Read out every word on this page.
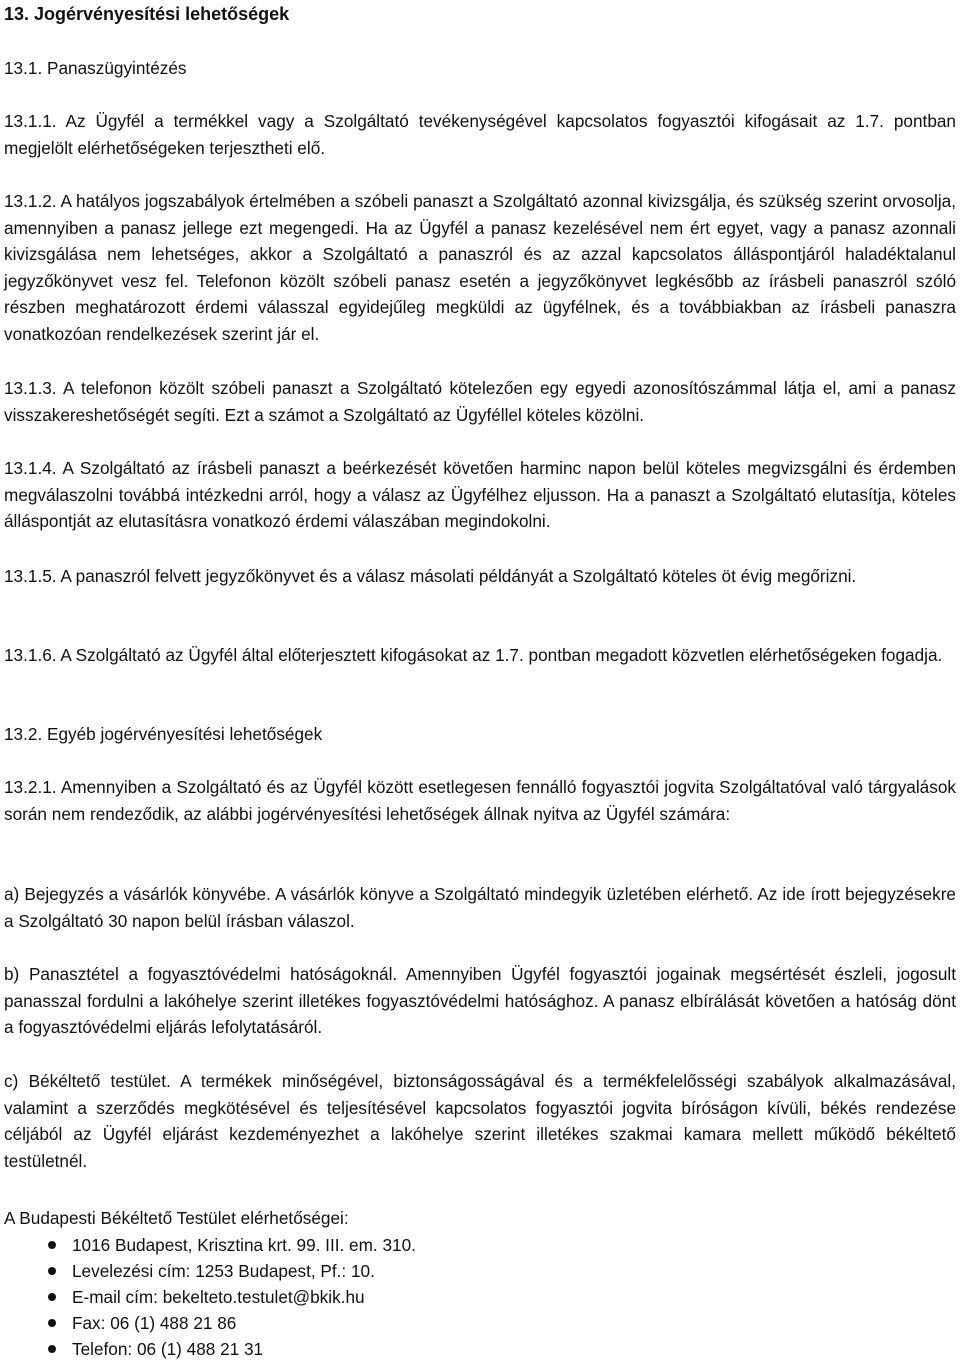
13. Jogérvényesítési lehetőségek

13.1. Panaszügyintézés

13.1.1. Az Ügyfél a termékkel vagy a Szolgáltató tevékenységével kapcsolatos fogyasztói kifogásait az 1.7. pontban megjelölt elérhetőségeken terjesztheti elő.

13.1.2. A hatályos jogszabályok értelmében a szóbeli panaszt a Szolgáltató azonnal kivizsgálja, és szükség szerint orvosolja, amennyiben a panasz jellege ezt megengedi. Ha az Ügyfél a panasz kezelésével nem ért egyet, vagy a panasz azonnali kivizsgálása nem lehetséges, akkor a Szolgáltató a panaszról és az azzal kapcsolatos álláspontjáról haladéktalanul jegyzőkönyvet vesz fel. Telefonon közölt szóbeli panasz esetén a jegyzőkönyvet legkésőbb az írásbeli panaszról szóló részben meghatározott érdemi válasszal egyidejűleg megküldi az ügyfélnek, és a továbbiakban az írásbeli panaszra vonatkozóan rendelkezések szerint jár el.

13.1.3. A telefonon közölt szóbeli panaszt a Szolgáltató kötelezően egy egyedi azonosítószámmal látja el, ami a panasz visszakereshetőségét segíti. Ezt a számot a Szolgáltató az Ügyféllel köteles közölni.

13.1.4. A Szolgáltató az írásbeli panaszt a beérkezését követően harminc napon belül köteles megvizsgálni és érdemben megválaszolni továbbá intézkedni arról, hogy a válasz az Ügyfélhez eljusson. Ha a panaszt a Szolgáltató elutasítja, köteles álláspontját az elutasításra vonatkozó érdemi válaszában megindokolni.

13.1.5. A panaszról felvett jegyzőkönyvet és a válasz másolati példányát a Szolgáltató köteles öt évig megőrizni.

13.1.6. A Szolgáltató az Ügyfél által előterjesztett kifogásokat az 1.7. pontban megadott közvetlen elérhetőségeken fogadja.

13.2. Egyéb jogérvényesítési lehetőségek

13.2.1. Amennyiben a Szolgáltató és az Ügyfél között esetlegesen fennálló fogyasztói jogvita Szolgáltatóval való tárgyalások során nem rendeződik, az alábbi jogérvényesítési lehetőségek állnak nyitva az Ügyfél számára:

a) Bejegyzés a vásárlók könyvébe. A vásárlók könyve a Szolgáltató mindegyik üzletében elérhető. Az ide írott bejegyzésekre a Szolgáltató 30 napon belül írásban válaszol.

b) Panasztétel a fogyasztóvédelmi hatóságoknál. Amennyiben Ügyfél fogyasztói jogainak megsértését észleli, jogosult panasszal fordulni a lakóhelye szerint illetékes fogyasztóvédelmi hatósághoz. A panasz elbírálását követően a hatóság dönt a fogyasztóvédelmi eljárás lefolytatásáról.

c) Békéltető testület. A termékek minőségével, biztonságosságával és a termékfelelősségi szabályok alkalmazásával, valamint a szerződés megkötésével és teljesítésével kapcsolatos fogyasztói jogvita bíróságon kívüli, békés rendezése céljából az Ügyfél eljárást kezdeményezhet a lakóhelye szerint illetékes szakmai kamara mellett működő békéltető testületnél.

A Budapesti Békéltető Testület elérhetőségei:
1016 Budapest, Krisztina krt. 99. III. em. 310.
Levelezési cím: 1253 Budapest, Pf.: 10.
E-mail cím: bekelteto.testulet@bkik.hu
Fax: 06 (1) 488 21 86
Telefon: 06 (1) 488 21 31
